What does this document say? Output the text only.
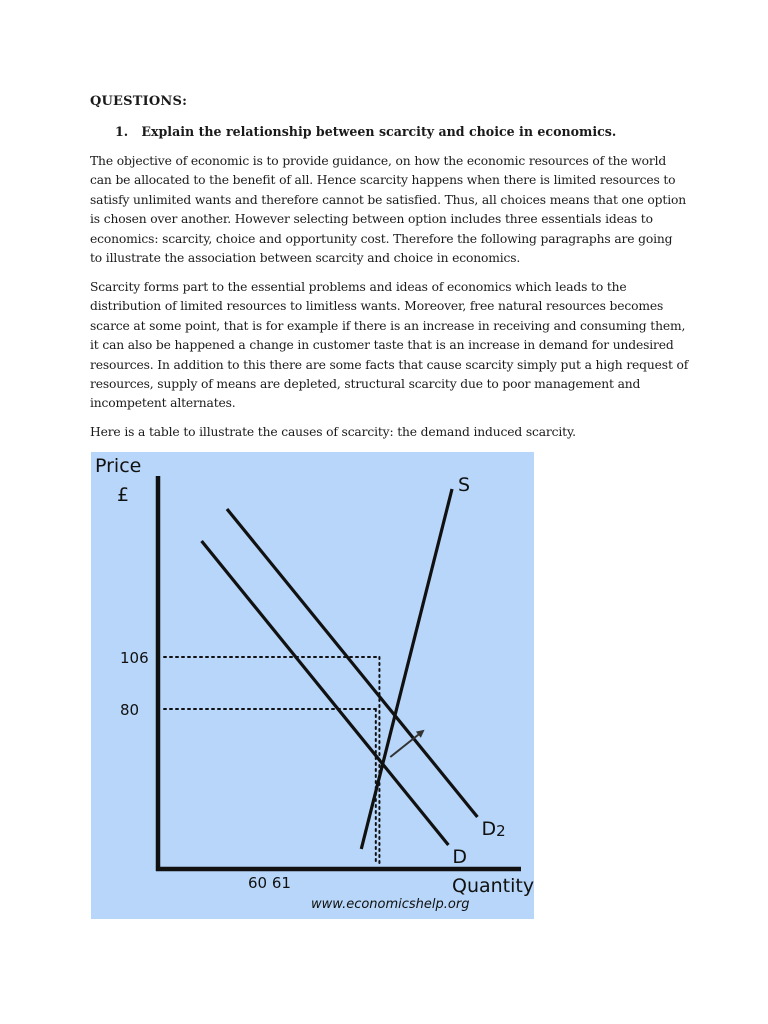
QUESTIONS:
1. Explain the relationship between scarcity and choice in economics.
The objective of economic is to provide guidance, on how the economic resources of the world
can be allocated to the benefit of all. Hence scarcity happens when there is limited resources to
satisfy unlimited wants and therefore cannot be satisfied. Thus, all choices means that one option
is chosen over another. However selecting between option includes three essentials ideas to
economics: scarcity, choice and opportunity cost. Therefore the following paragraphs are going
to illustrate the association between scarcity and choice in economics.
Scarcity forms part to the essential problems and ideas of economics which leads to the
distribution of limited resources to limitless wants. Moreover, free natural resources becomes
scarce at some point, that is for example if there is an increase in receiving and consuming them,
it can also be happened a change in customer taste that is an increase in demand for undesired
resources. In addition to this there are some facts that cause scarcity simply put a high request of
resources, supply of means are depleted, structural scarcity due to poor management and
incompetent alternates.
Here is a table to illustrate the causes of scarcity: the demand induced scarcity.
S
D
D2
106
80
Price
£
Quantity
60 61
www.economicshelp.org
